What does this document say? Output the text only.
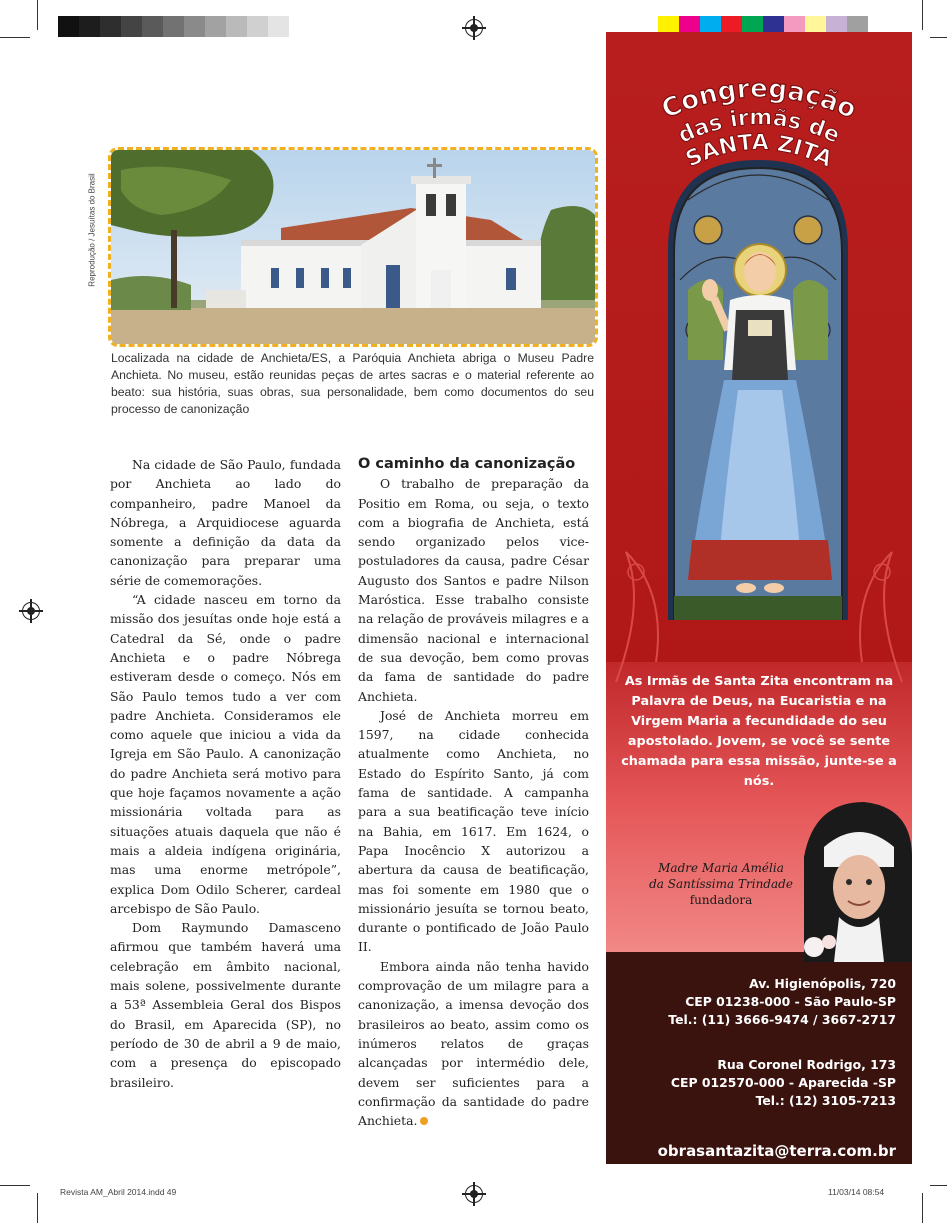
Reprodução / Jesuítas do Brasil

Localizada na cidade de Anchieta/ES, a Paróquia Anchieta abriga o Museu Padre Anchieta. No museu, estão reunidas peças de artes sacras e o material referente ao beato: sua história, suas obras, sua personalidade, bem como documentos do seu processo de canonização

Na cidade de São Paulo, fundada por Anchieta ao lado do companheiro, padre Manoel da Nóbrega, a Arquidiocese aguarda somente a definição da data da canonização para preparar uma série de comemorações.

“A cidade nasceu em torno da missão dos jesuítas onde hoje está a Catedral da Sé, onde o padre Anchieta e o padre Nóbrega estiveram desde o começo. Nós em São Paulo temos tudo a ver com padre Anchieta. Consideramos ele como aquele que iniciou a vida da Igreja em São Paulo. A canonização do padre Anchieta será motivo para que hoje façamos novamente a ação missionária voltada para as situações atuais daquela que não é mais a aldeia indígena originária, mas uma enorme metrópole”, explica Dom Odilo Scherer, cardeal arcebispo de São Paulo.

Dom Raymundo Damasceno afirmou que também haverá uma celebração em âmbito nacional, mais solene, possivelmente durante a 53ª Assembleia Geral dos Bispos do Brasil, em Aparecida (SP), no período de 30 de abril a 9 de maio, com a presença do episcopado brasileiro.

O caminho da canonização

O trabalho de preparação da Positio em Roma, ou seja, o texto com a biografia de Anchieta, está sendo organizado pelos vice-postuladores da causa, padre César Augusto dos Santos e padre Nilson Maróstica. Esse trabalho consiste na relação de prováveis milagres e a dimensão nacional e internacional de sua devoção, bem como provas da fama de santidade do padre Anchieta.

José de Anchieta morreu em 1597, na cidade conhecida atualmente como Anchieta, no Estado do Espírito Santo, já com fama de santidade. A campanha para a sua beatificação teve início na Bahia, em 1617. Em 1624, o Papa Inocêncio X autorizou a abertura da causa de beatificação, mas foi somente em 1980 que o missionário jesuíta se tornou beato, durante o pontificado de João Paulo II.

Embora ainda não tenha havido comprovação de um milagre para a canonização, a imensa devoção dos brasileiros ao beato, assim como os inúmeros relatos de graças alcançadas por intermédio dele, devem ser suficientes para a confirmação da santidade do padre Anchieta.

Congregação
das irmãs de
SANTA ZITA

As Irmãs de Santa Zita encontram na Palavra de Deus, na Eucaristia e na Virgem Maria a fecundidade do seu apostolado. Jovem, se você se sente chamada para essa missão, junte-se a nós.

Madre Maria Amélia
da Santíssima Trindade
fundadora
Av. Higienópolis, 720
CEP 01238-000 - São Paulo-SP
Tel.: (11) 3666-9474 / 3667-2717
Rua Coronel Rodrigo, 173
CEP 012570-000 - Aparecida -SP
Tel.: (12) 3105-7213
obrasantazita@terra.com.br
Revista AM_Abril 2014.indd 49	11/03/14 08:54
